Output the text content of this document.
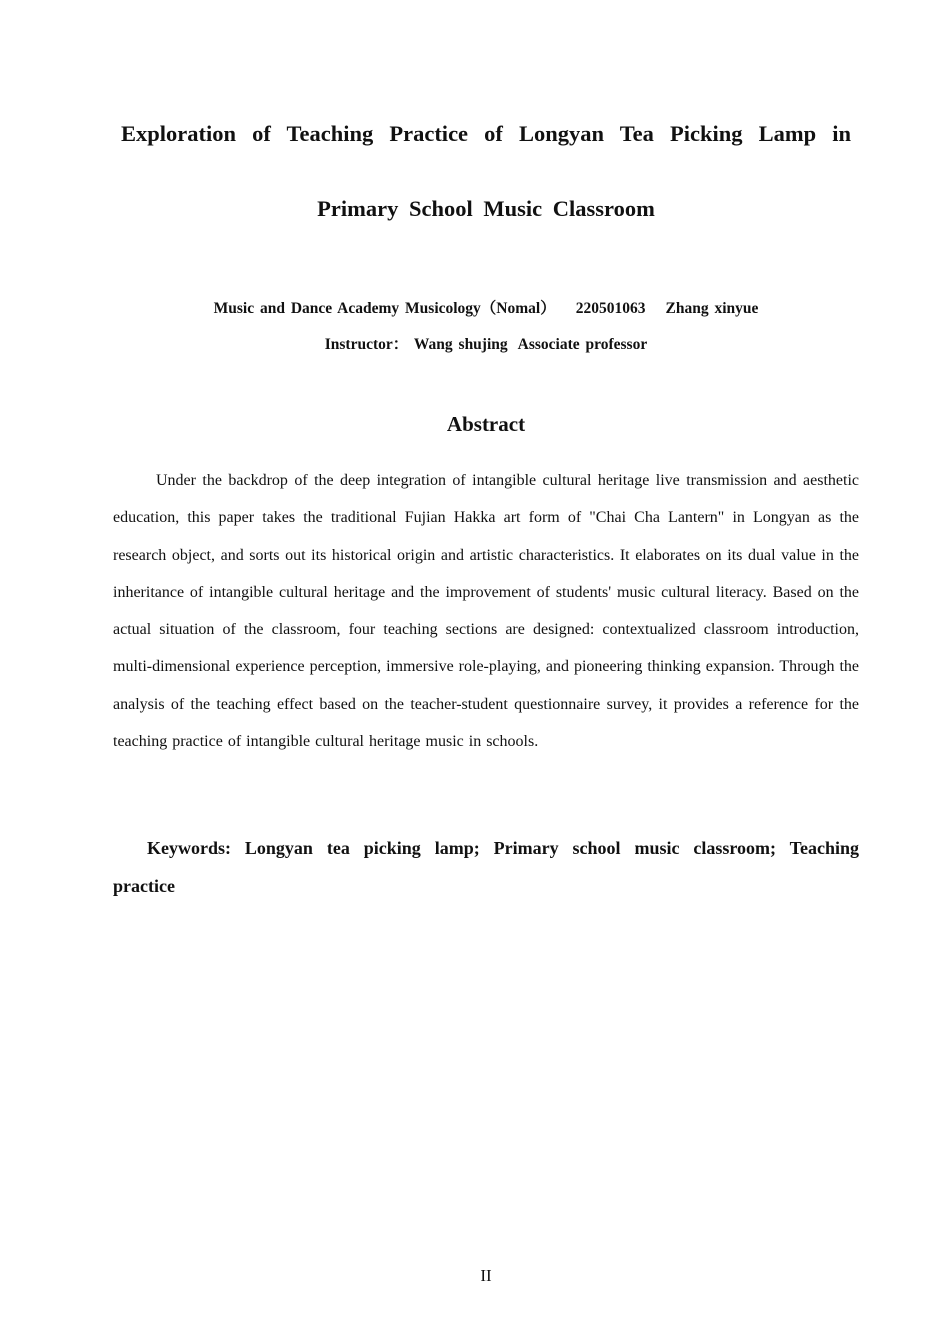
Exploration of Teaching Practice of Longyan Tea Picking Lamp in
Primary School Music Classroom

Music and Dance Academy Musicology（Nomal） 220501063 Zhang xinyue

Instructor： Wang shujing Associate professor

Abstract

Under the backdrop of the deep integration of intangible cultural heritage live transmission and aesthetic education, this paper takes the traditional Fujian Hakka art form of "Chai Cha Lantern" in Longyan as the research object, and sorts out its historical origin and artistic characteristics. It elaborates on its dual value in the inheritance of intangible cultural heritage and the improvement of students' music cultural literacy. Based on the actual situation of the classroom, four teaching sections are designed: contextualized classroom introduction, multi-dimensional experience perception, immersive role-playing, and pioneering thinking expansion. Through the analysis of the teaching effect based on the teacher-student questionnaire survey, it provides a reference for the teaching practice of intangible cultural heritage music in schools.

Keywords: Longyan tea picking lamp; Primary school music classroom; Teaching practice

II
